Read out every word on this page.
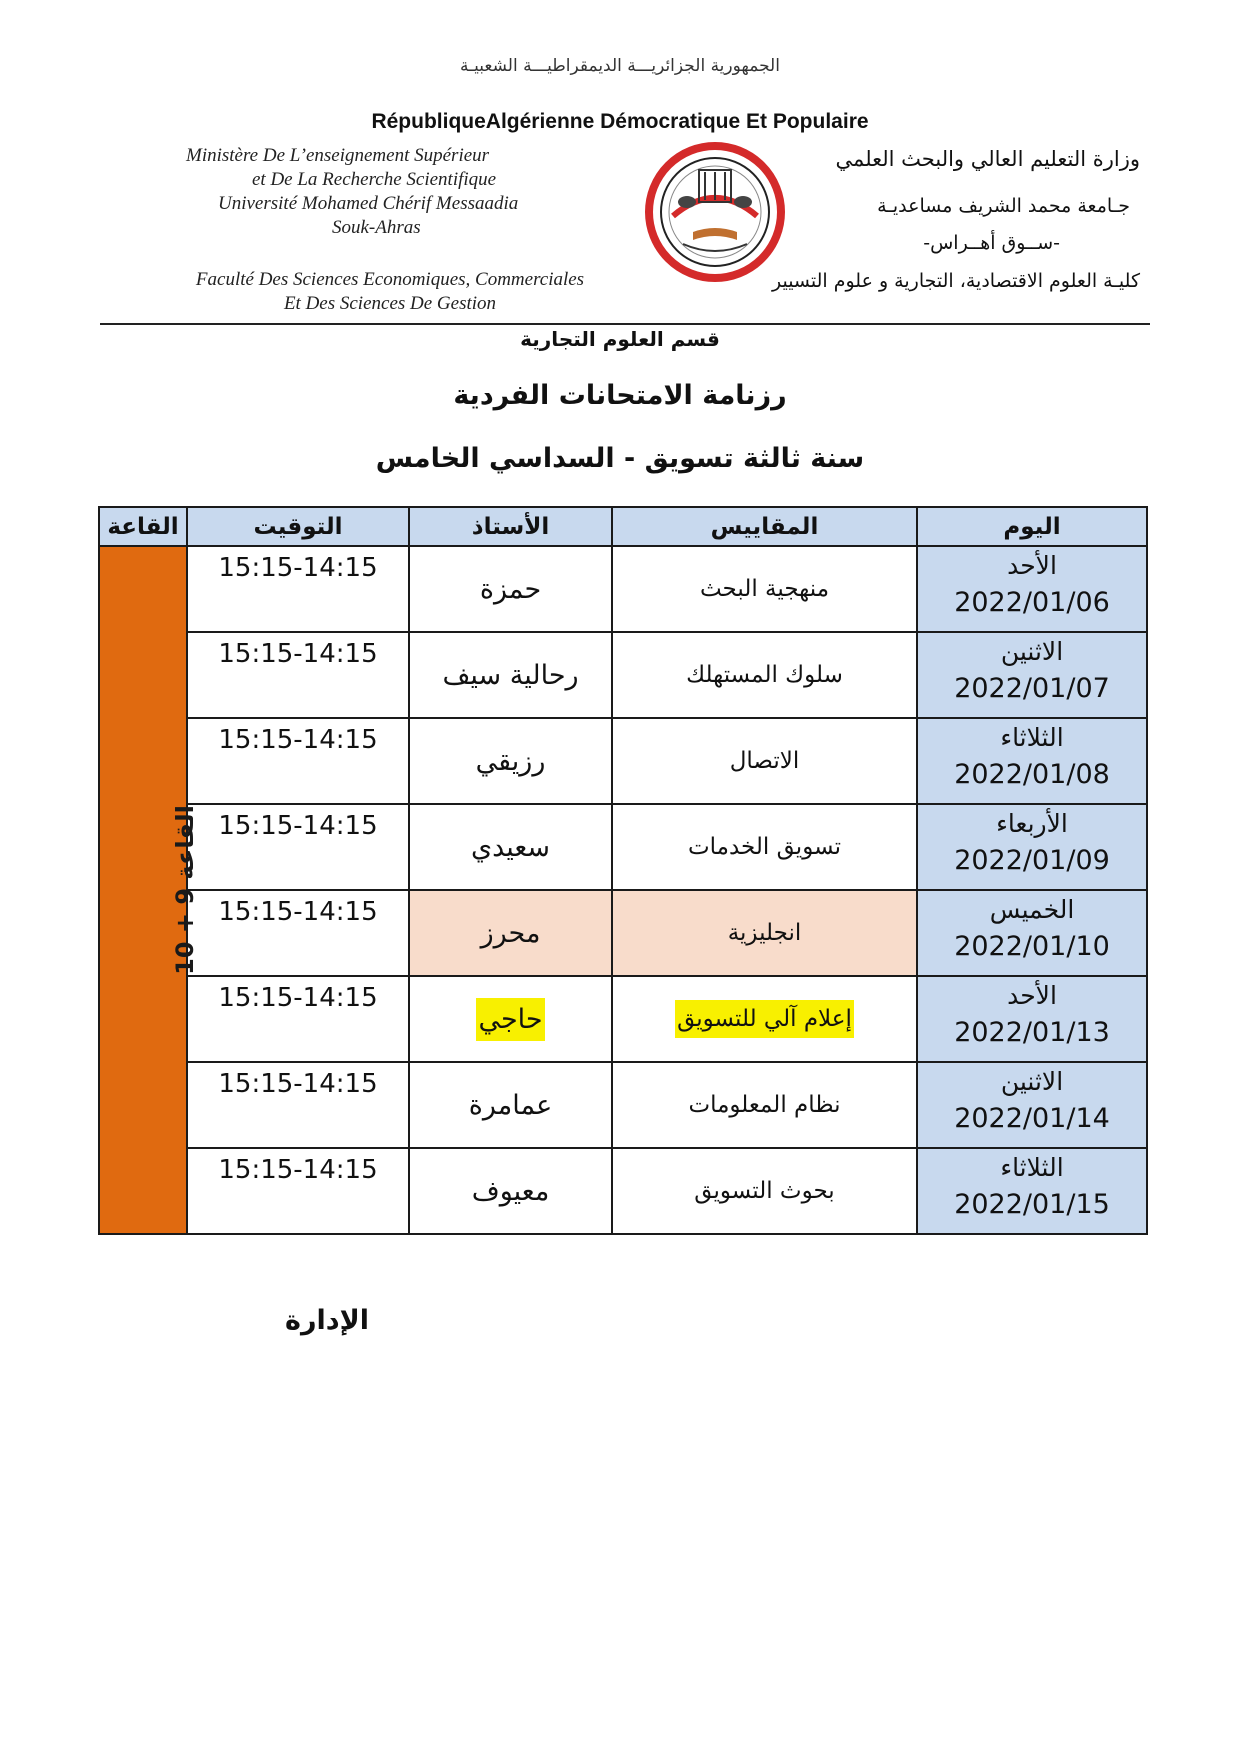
الجمهورية الجزائريـــة الديمقراطيـــة الشعبيـة
RépubliqueAlgérienne Démocratique Et Populaire
Ministère De L’enseignement Supérieur
et De La Recherche Scientifique
Université Mohamed Chérif Messaadia
Souk-Ahras
Faculté Des Sciences Economiques, Commerciales
Et Des Sciences De Gestion
وزارة التعليم العالي والبحث العلمي
جـامعة محمد الشريف مساعديـة
-ســوق أهــراس-
كليـة العلوم الاقتصادية، التجارية و علوم التسيير
قسم العلوم التجارية
رزنامة الامتحانات الفردية
سنة ثالثة تسويق - السداسي الخامس
القاعة	التوقيت	الأستاذ	المقاييس	اليوم
القاعة 9 + 10	15:15-14:15	حمزة	منهجية البحث	الأحد
2022/01/06

	15:15-14:15	رحالية سيف	سلوك المستهلك	الاثنين
2022/01/07

	15:15-14:15	رزيقي	الاتصال	الثلاثاء
2022/01/08

	15:15-14:15	سعيدي	تسويق الخدمات	الأربعاء
2022/01/09

	15:15-14:15	محرز	انجليزية	الخميس
2022/01/10

	15:15-14:15	حاجي	إعلام آلي للتسويق	الأحد
2022/01/13

	15:15-14:15	عمامرة	نظام المعلومات	الاثنين
2022/01/14

	15:15-14:15	معيوف	بحوث التسويق	الثلاثاء
2022/01/15
الإدارة
